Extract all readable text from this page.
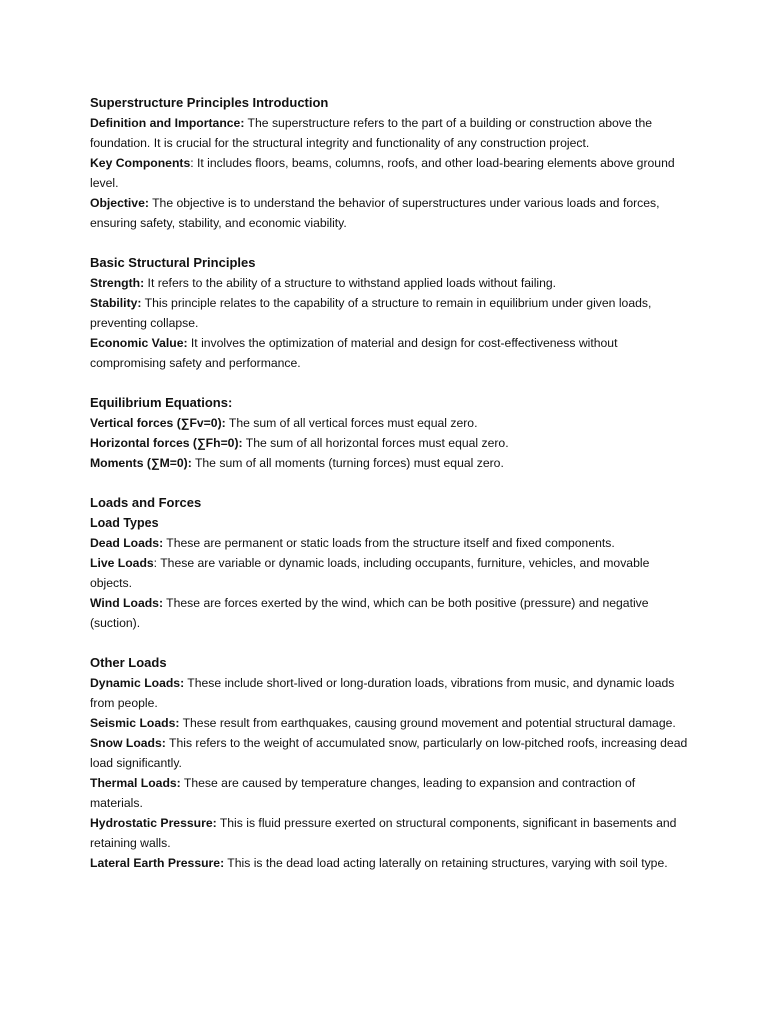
Superstructure Principles Introduction

Definition and Importance: The superstructure refers to the part of a building or construction above the foundation. It is crucial for the structural integrity and functionality of any construction project.

Key Components: It includes floors, beams, columns, roofs, and other load-bearing elements above ground level.

Objective: The objective is to understand the behavior of superstructures under various loads and forces, ensuring safety, stability, and economic viability.

Basic Structural Principles

Strength: It refers to the ability of a structure to withstand applied loads without failing.

Stability: This principle relates to the capability of a structure to remain in equilibrium under given loads, preventing collapse.

Economic Value: It involves the optimization of material and design for cost-effectiveness without compromising safety and performance.

Equilibrium Equations:

Vertical forces (∑Fv=0): The sum of all vertical forces must equal zero.

Horizontal forces (∑Fh=0): The sum of all horizontal forces must equal zero.

Moments (∑M=0): The sum of all moments (turning forces) must equal zero.

Loads and Forces

Load Types

Dead Loads: These are permanent or static loads from the structure itself and fixed components.

Live Loads: These are variable or dynamic loads, including occupants, furniture, vehicles, and movable objects.

Wind Loads: These are forces exerted by the wind, which can be both positive (pressure) and negative (suction).

Other Loads

Dynamic Loads: These include short-lived or long-duration loads, vibrations from music, and dynamic loads from people.

Seismic Loads: These result from earthquakes, causing ground movement and potential structural damage.

Snow Loads: This refers to the weight of accumulated snow, particularly on low-pitched roofs, increasing dead load significantly.

Thermal Loads: These are caused by temperature changes, leading to expansion and contraction of materials.

Hydrostatic Pressure: This is fluid pressure exerted on structural components, significant in basements and retaining walls.

Lateral Earth Pressure: This is the dead load acting laterally on retaining structures, varying with soil type.
